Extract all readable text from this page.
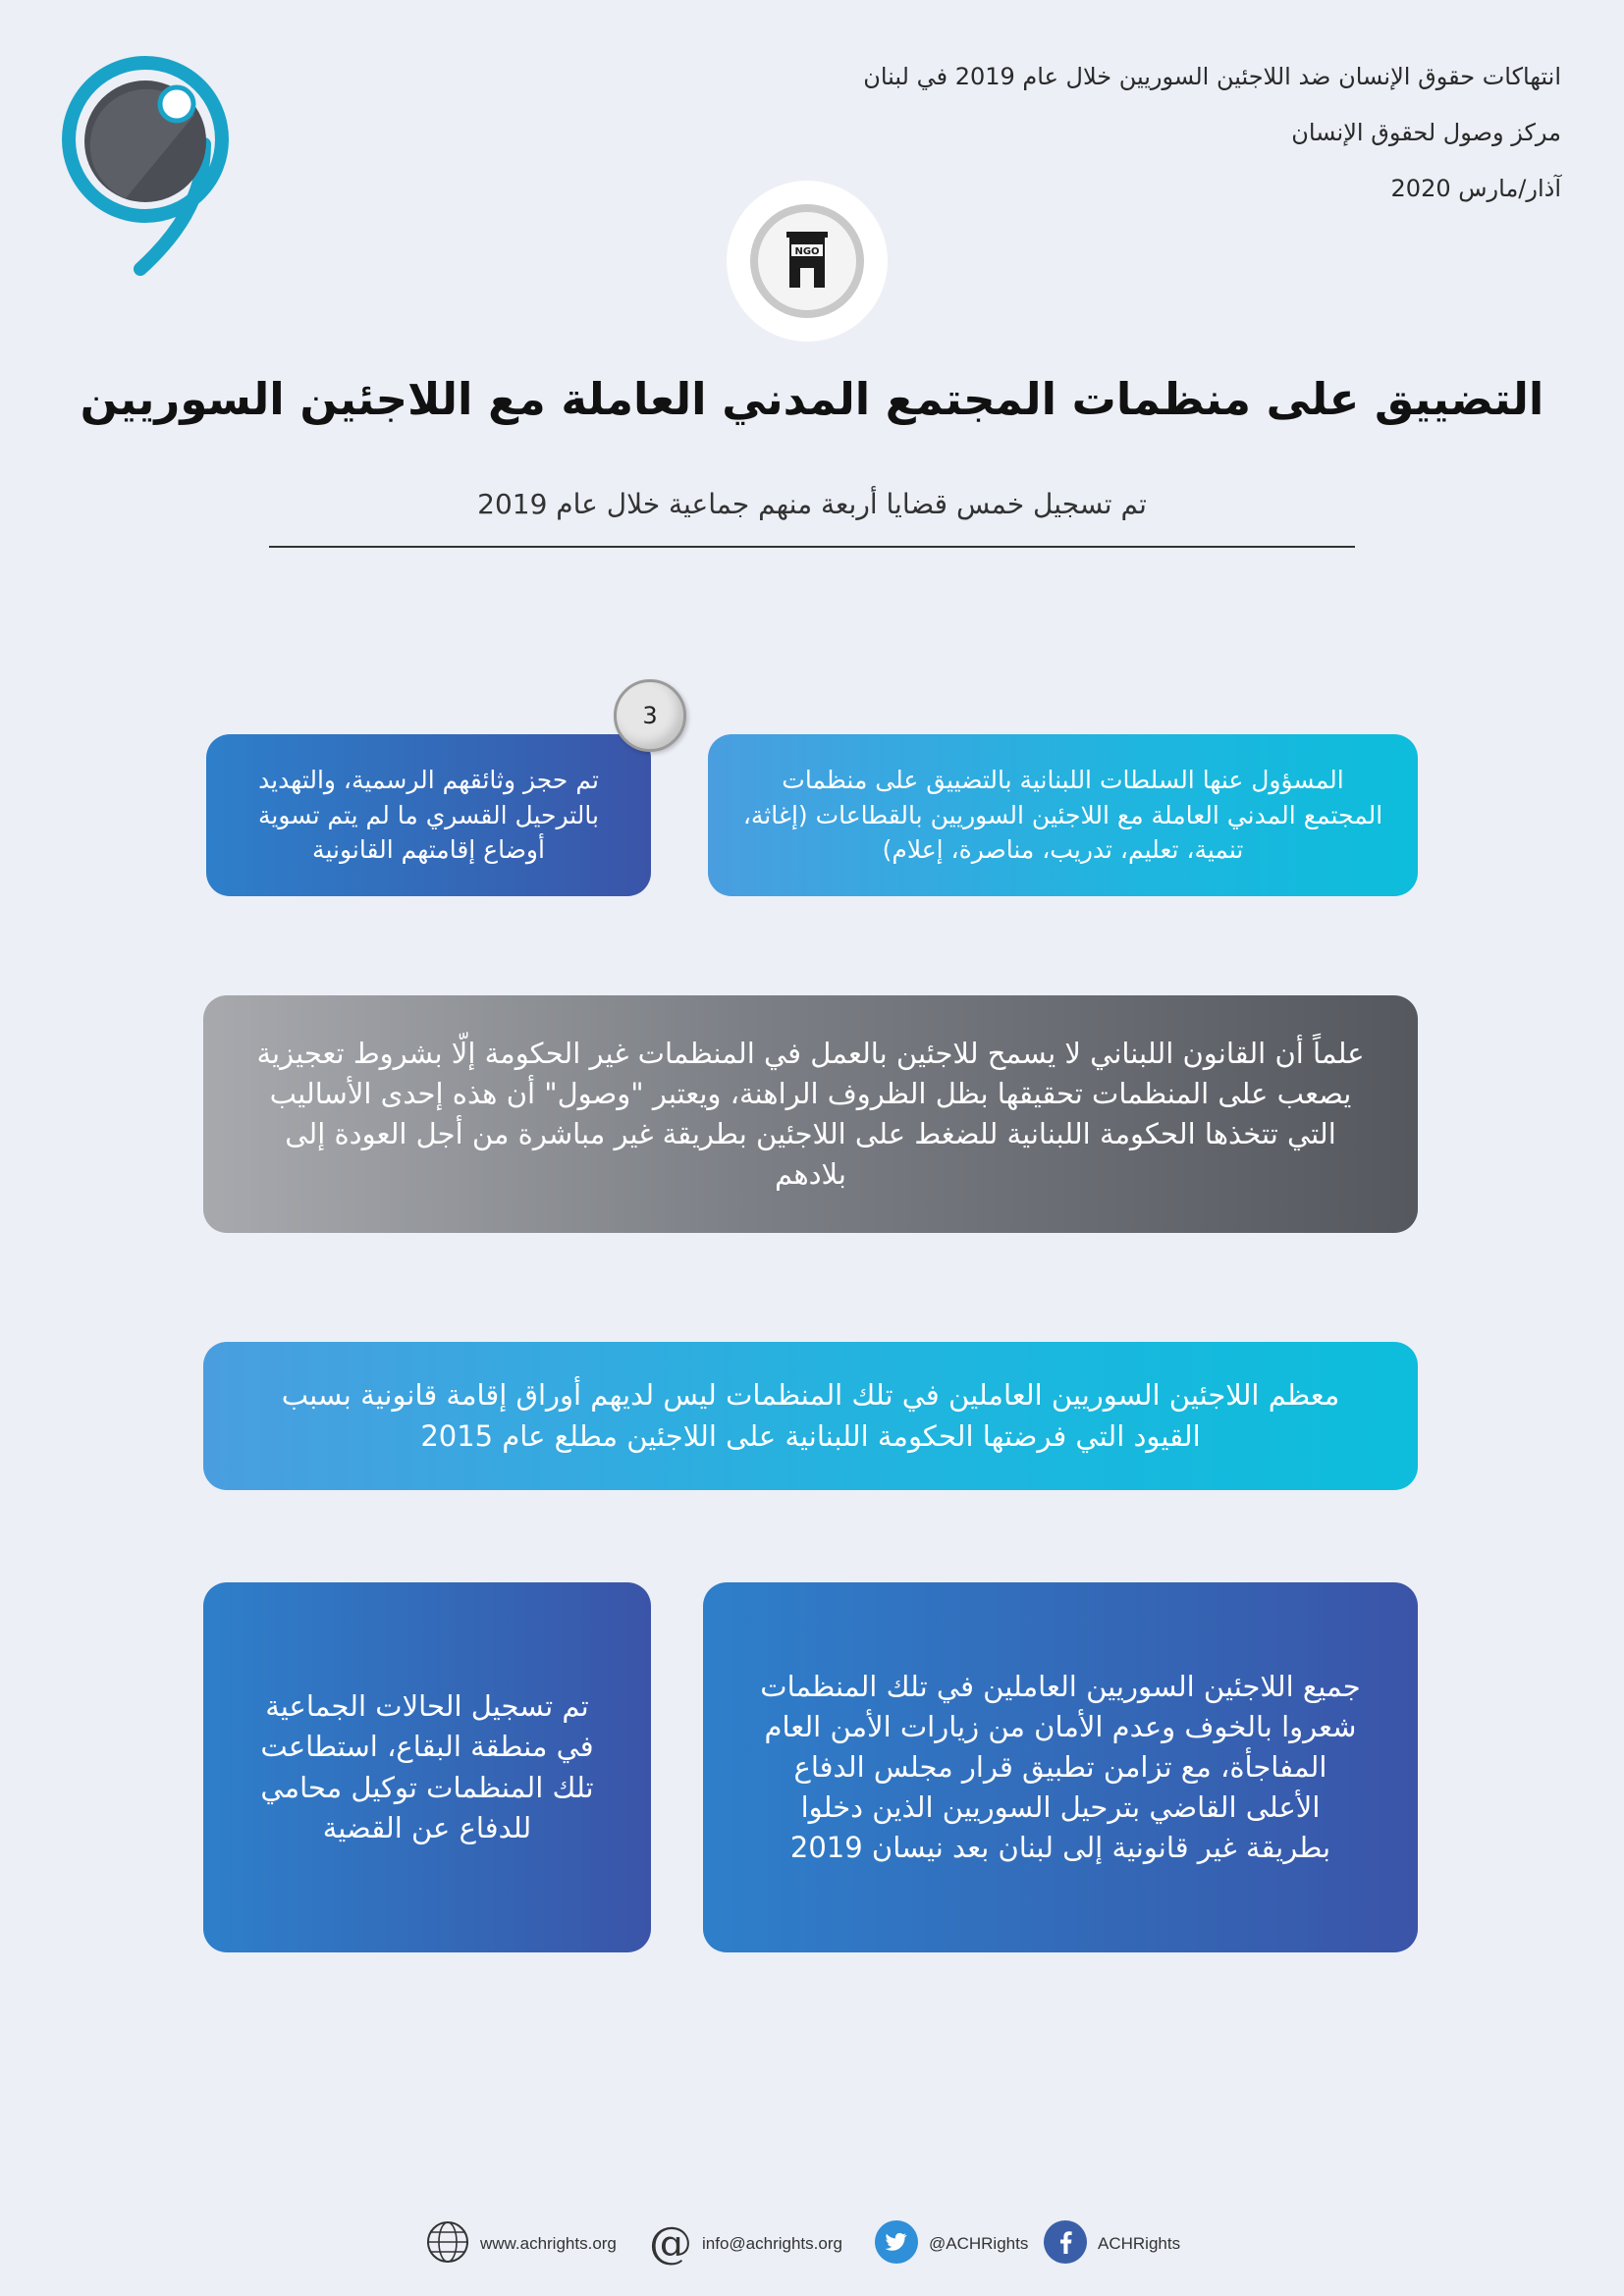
انتهاكات حقوق الإنسان ضد اللاجئين السوريين خلال عام 2019 في لبنان
مركز وصول لحقوق الإنسان
آذار/مارس 2020
NGO
التضييق على منظمات المجتمع المدني العاملة مع اللاجئين السوريين
تم تسجيل خمس قضايا أربعة منهم جماعية خلال عام 2019
المسؤول عنها السلطات اللبنانية بالتضييق على منظمات المجتمع المدني العاملة مع اللاجئين السوريين بالقطاعات (إغاثة، تنمية، تعليم، تدريب، مناصرة، إعلام)
تم حجز وثائقهم الرسمية، والتهديد بالترحيل القسري ما لم يتم تسوية أوضاع إقامتهم القانونية
3
علماً أن القانون اللبناني لا يسمح للاجئين بالعمل في المنظمات غير الحكومة إلّا بشروط تعجيزية يصعب على المنظمات تحقيقها بظل الظروف الراهنة، ويعتبر "وصول" أن هذه إحدى الأساليب التي تتخذها الحكومة اللبنانية للضغط على اللاجئين بطريقة غير مباشرة من أجل العودة إلى بلادهم
معظم اللاجئين السوريين العاملين في تلك المنظمات ليس لديهم أوراق إقامة قانونية بسبب القيود التي فرضتها الحكومة اللبنانية على اللاجئين مطلع عام 2015
جميع اللاجئين السوريين العاملين في تلك المنظمات شعروا بالخوف وعدم الأمان من زيارات الأمن العام المفاجأة، مع تزامن تطبيق قرار مجلس الدفاع الأعلى القاضي بترحيل السوريين الذين دخلوا بطريقة غير قانونية إلى لبنان بعد نيسان 2019
تم تسجيل الحالات الجماعية في منطقة البقاع، استطاعت تلك المنظمات توكيل محامي للدفاع عن القضية
www.achrights.org @ info@achrights.org	@ACHRights	ACHRights
